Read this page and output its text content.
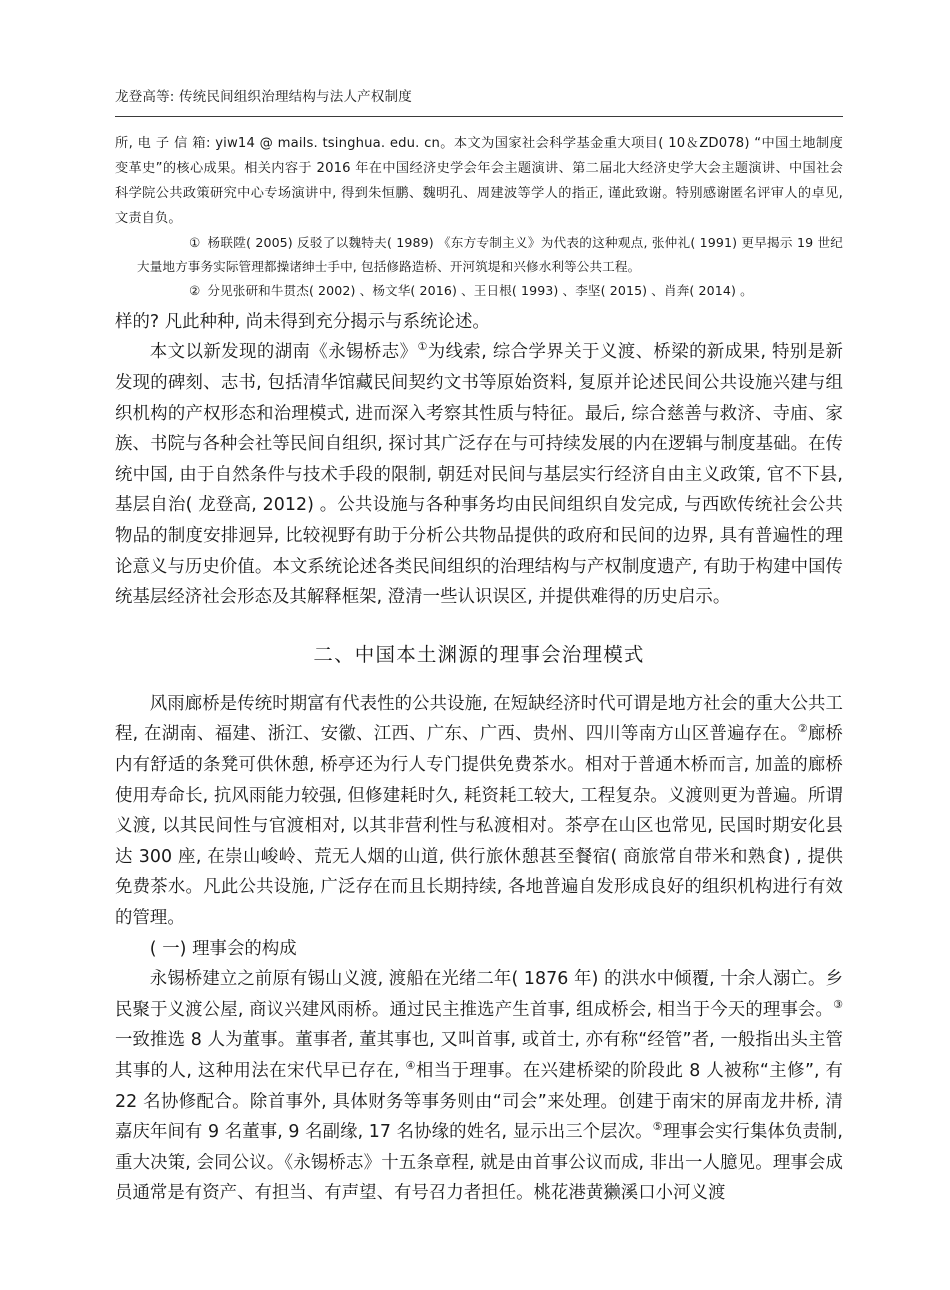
龙登高等: 传统民间组织治理结构与法人产权制度

所, 电 子 信 箱: yiw14 @ mails. tsinghua. edu. cn。本文为国家社会科学基金重大项目( 10＆ZD078) “中国土地制度变革史”的核心成果。相关内容于 2016 年在中国经济史学会年会主题演讲、第二届北大经济史学大会主题演讲、中国社会科学院公共政策研究中心专场演讲中, 得到朱恒鹏、魏明孔、周建波等学人的指正, 谨此致谢。特别感谢匿名评审人的卓见, 文责自负。

① 杨联陞( 2005) 反驳了以魏特夫( 1989) 《东方专制主义》为代表的这种观点, 张仲礼( 1991) 更早揭示 19 世纪大量地方事务实际管理都操诸绅士手中, 包括修路造桥、开河筑堤和兴修水利等公共工程。

② 分见张研和牛贯杰( 2002) 、杨文华( 2016) 、王日根( 1993) 、李坚( 2015) 、肖奔( 2014) 。

样的? 凡此种种, 尚未得到充分揭示与系统论述。

本文以新发现的湖南《永锡桥志》①为线索, 综合学界关于义渡、桥梁的新成果, 特别是新发现的碑刻、志书, 包括清华馆藏民间契约文书等原始资料, 复原并论述民间公共设施兴建与组织机构的产权形态和治理模式, 进而深入考察其性质与特征。最后, 综合慈善与救济、寺庙、家族、书院与各种会社等民间自组织, 探讨其广泛存在与可持续发展的内在逻辑与制度基础。在传统中国, 由于自然条件与技术手段的限制, 朝廷对民间与基层实行经济自由主义政策, 官不下县, 基层自治( 龙登高, 2012) 。公共设施与各种事务均由民间组织自发完成, 与西欧传统社会公共物品的制度安排迥异, 比较视野有助于分析公共物品提供的政府和民间的边界, 具有普遍性的理论意义与历史价值。本文系统论述各类民间组织的治理结构与产权制度遗产, 有助于构建中国传统基层经济社会形态及其解释框架, 澄清一些认识误区, 并提供难得的历史启示。

二、中国本土渊源的理事会治理模式

风雨廊桥是传统时期富有代表性的公共设施, 在短缺经济时代可谓是地方社会的重大公共工程, 在湖南、福建、浙江、安徽、江西、广东、广西、贵州、四川等南方山区普遍存在。②廊桥内有舒适的条凳可供休憩, 桥亭还为行人专门提供免费茶水。相对于普通木桥而言, 加盖的廊桥使用寿命长, 抗风雨能力较强, 但修建耗时久, 耗资耗工较大, 工程复杂。义渡则更为普遍。所谓义渡, 以其民间性与官渡相对, 以其非营利性与私渡相对。茶亭在山区也常见, 民国时期安化县达 300 座, 在崇山峻岭、荒无人烟的山道, 供行旅休憩甚至餐宿( 商旅常自带米和熟食) , 提供免费茶水。凡此公共设施, 广泛存在而且长期持续, 各地普遍自发形成良好的组织机构进行有效的管理。

( 一) 理事会的构成

永锡桥建立之前原有锡山义渡, 渡船在光绪二年( 1876 年) 的洪水中倾覆, 十余人溺亡。乡民聚于义渡公屋, 商议兴建风雨桥。通过民主推选产生首事, 组成桥会, 相当于今天的理事会。③一致推选 8 人为董事。董事者, 董其事也, 又叫首事, 或首士, 亦有称“经管”者, 一般指出头主管其事的人, 这种用法在宋代早已存在, ④相当于理事。在兴建桥梁的阶段此 8 人被称“主修”, 有 22 名协修配合。除首事外, 具体财务等事务则由“司会”来处理。创建于南宋的屏南龙井桥, 清嘉庆年间有 9 名董事, 9 名副缘, 17 名协缘的姓名, 显示出三个层次。⑤理事会实行集体负责制, 重大决策, 会同公议。《永锡桥志》十五条章程, 就是由首事公议而成, 非出一人臆见。理事会成员通常是有资产、有担当、有声望、有号召力者担任。桃花港黄獭溪口小河义渡
